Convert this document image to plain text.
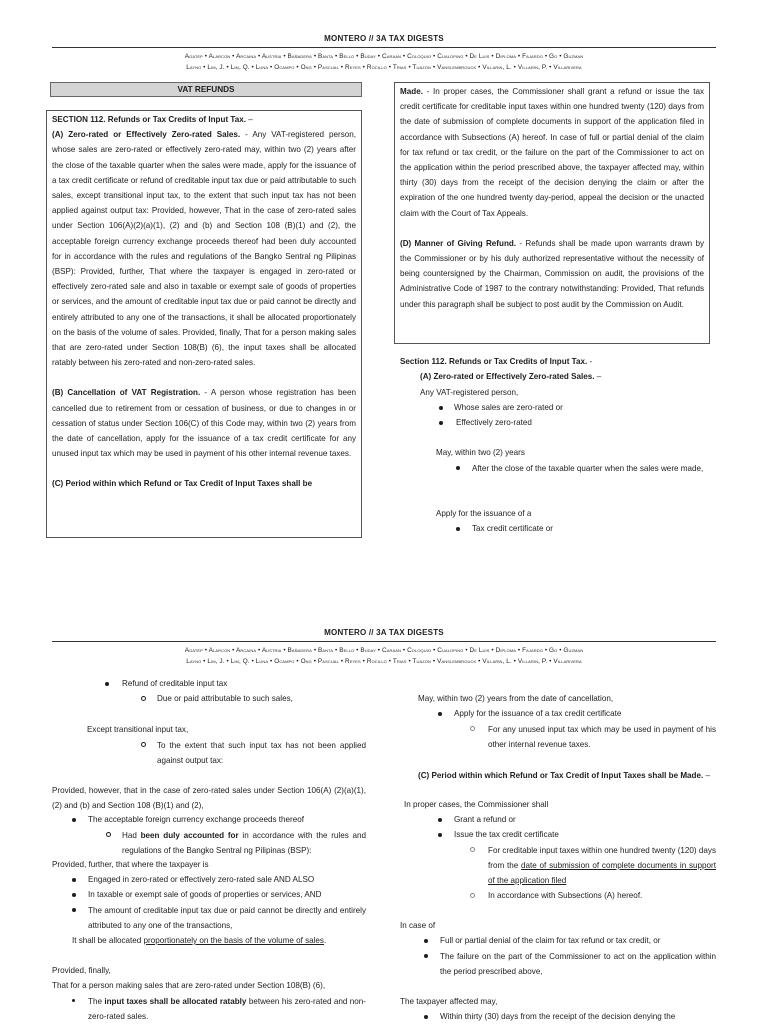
MONTERO // 3A TAX DIGESTS
Agatep • Alarcon • Arcaina • Austria • Bañadera • Banta • Bello • Buday • Caraan • Coloquio • Cualoping • De Luis • Diploma • Fajardo • Go • Guzman
Layno • Lim, J. • Lim, Q. • Luna • Ocampo • Ong • Pascual • Reyes • Rocillo • Trias • Tuazon • Vanslembrouck • Villarin, L. • Villarin, P. • Villarivera
VAT REFUNDS
SECTION 112. Refunds or Tax Credits of Input Tax. –
(A) Zero-rated or Effectively Zero-rated Sales. - Any VAT-registered person, whose sales are zero-rated or effectively zero-rated may, within two (2) years after the close of the taxable quarter when the sales were made, apply for the issuance of a tax credit certificate or refund of creditable input tax due or paid attributable to such sales, except transitional input tax, to the extent that such input tax has not been applied against output tax: Provided, however, That in the case of zero-rated sales under Section 106(A)(2)(a)(1), (2) and (b) and Section 108 (B)(1) and (2), the acceptable foreign currency exchange proceeds thereof had been duly accounted for in accordance with the rules and regulations of the Bangko Sentral ng Pilipinas (BSP): Provided, further, That where the taxpayer is engaged in zero-rated or effectively zero-rated sale and also in taxable or exempt sale of goods of properties or services, and the amount of creditable input tax due or paid cannot be directly and entirely attributed to any one of the transactions, it shall be allocated proportionately on the basis of the volume of sales. Provided, finally, That for a person making sales that are zero-rated under Section 108(B) (6), the input taxes shall be allocated ratably between his zero-rated and non-zero-rated sales.
(B) Cancellation of VAT Registration. - A person whose registration has been cancelled due to retirement from or cessation of business, or due to changes in or cessation of status under Section 106(C) of this Code may, within two (2) years from the date of cancellation, apply for the issuance of a tax credit certificate for any unused input tax which may be used in payment of his other internal revenue taxes.
(C) Period within which Refund or Tax Credit of Input Taxes shall be
Made. - In proper cases, the Commissioner shall grant a refund or issue the tax credit certificate for creditable input taxes within one hundred twenty (120) days from the date of submission of complete documents in support of the application filed in accordance with Subsections (A) hereof. In case of full or partial denial of the claim for tax refund or tax credit, or the failure on the part of the Commissioner to act on the application within the period prescribed above, the taxpayer affected may, within thirty (30) days from the receipt of the decision denying the claim or after the expiration of the one hundred twenty day-period, appeal the decision or the unacted claim with the Court of Tax Appeals.
(D) Manner of Giving Refund. - Refunds shall be made upon warrants drawn by the Commissioner or by his duly authorized representative without the necessity of being countersigned by the Chairman, Commission on audit, the provisions of the Administrative Code of 1987 to the contrary notwithstanding: Provided, That refunds under this paragraph shall be subject to post audit by the Commission on Audit.
Section 112. Refunds or Tax Credits of Input Tax. -
(A) Zero-rated or Effectively Zero-rated Sales. –
Any VAT-registered person,
Whose sales are zero-rated or
Effectively zero-rated
May, within two (2) years
After the close of the taxable quarter when the sales were made,
Apply for the issuance of a
Tax credit certificate or
MONTERO // 3A TAX DIGESTS
Agatep • Alarcon • Arcaina • Austria • Bañadera • Banta • Bello • Buday • Caraan • Coloquio • Cualoping • De Luis • Diploma • Fajardo • Go • Guzman
Layno • Lim, J. • Lim, Q. • Luna • Ocampo • Ong • Pascual • Reyes • Rocillo • Trias • Tuazon • Vanslembrouck • Villarin, L. • Villarin, P. • Villarivera
Refund of creditable input tax
Due or paid attributable to such sales,
Except transitional input tax,
To the extent that such input tax has not been applied against output tax:
Provided, however, that in the case of zero-rated sales under Section 106(A) (2)(a)(1), (2) and (b) and Section 108 (B)(1) and (2),
The acceptable foreign currency exchange proceeds thereof
Had been duly accounted for in accordance with the rules and regulations of the Bangko Sentral ng Pilipinas (BSP):
Provided, further, that where the taxpayer is
Engaged in zero-rated or effectively zero-rated sale AND ALSO
In taxable or exempt sale of goods of properties or services, AND
The amount of creditable input tax due or paid cannot be directly and entirely attributed to any one of the transactions,
It shall be allocated proportionately on the basis of the volume of sales.
Provided, finally,
That for a person making sales that are zero-rated under Section 108(B) (6),
The input taxes shall be allocated ratably between his zero-rated and non-zero-rated sales.
May, within two (2) years from the date of cancellation,
Apply for the issuance of a tax credit certificate
For any unused input tax which may be used in payment of his other internal revenue taxes.
(C) Period within which Refund or Tax Credit of Input Taxes shall be Made. –
In proper cases, the Commissioner shall
Grant a refund or
Issue the tax credit certificate
For creditable input taxes within one hundred twenty (120) days from the date of submission of complete documents in support of the application filed
In accordance with Subsections (A) hereof.
In case of
Full or partial denial of the claim for tax refund or tax credit, or
The failure on the part of the Commissioner to act on the application within the period prescribed above,
The taxpayer affected may,
Within thirty (30) days from the receipt of the decision denying the
